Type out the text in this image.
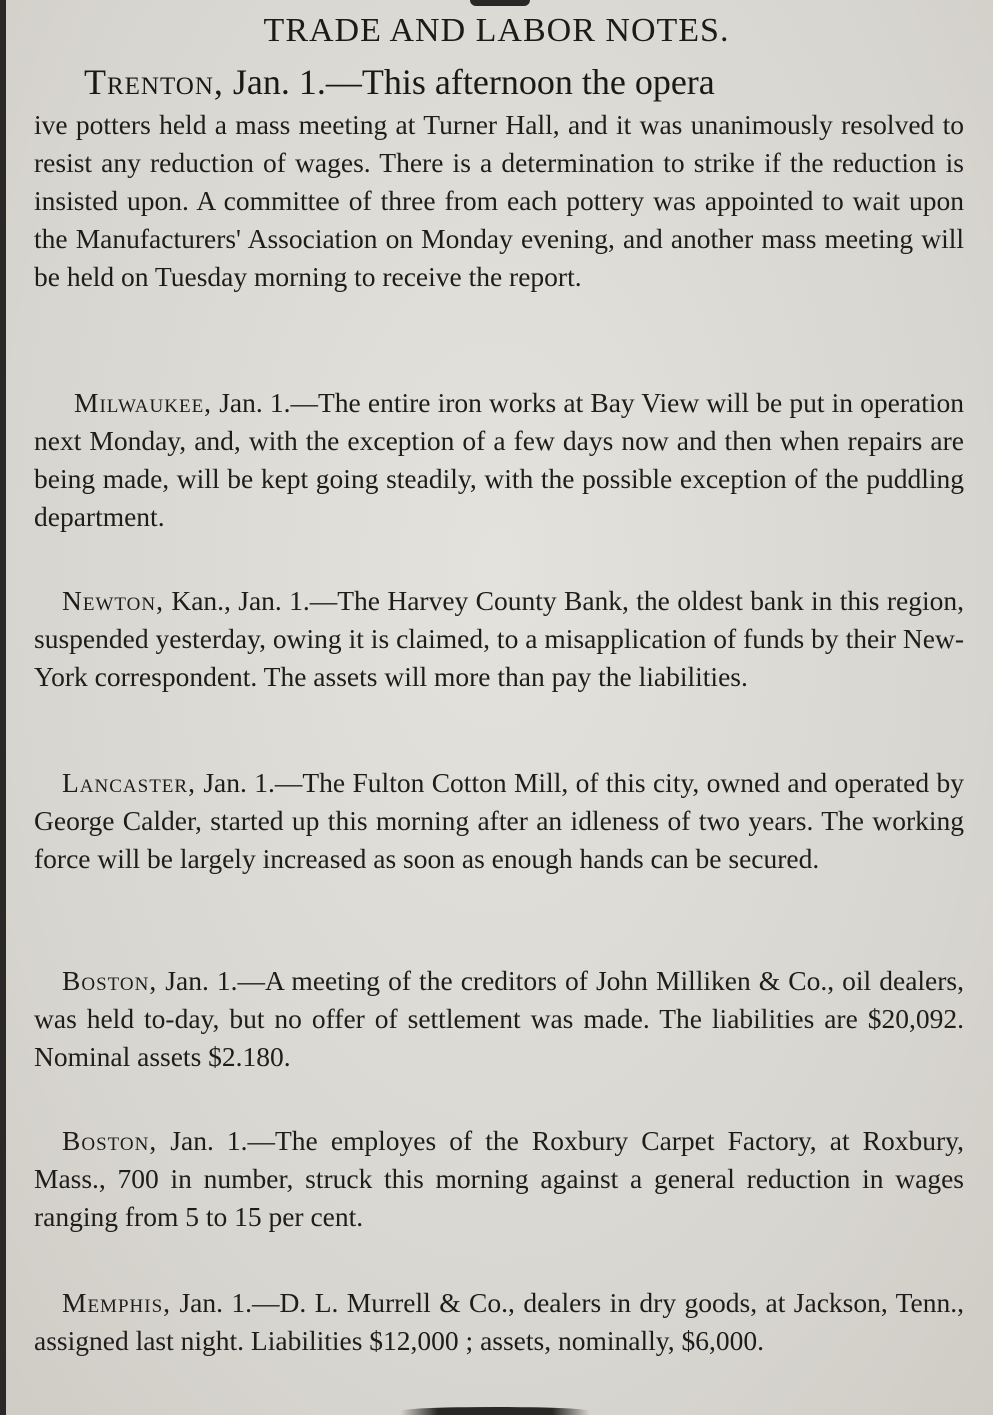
TRADE AND LABOR NOTES.
Trenton, Jan. 1.—This afternoon the opera

ive potters held a mass meeting at Turner Hall, and it was unanimously resolved to resist any reduction of wages. There is a determination to strike if the reduction is insisted upon. A committee of three from each pottery was appointed to wait upon the Manufacturers' Association on Monday evening, and another mass meeting will be held on Tuesday morning to receive the report.

Milwaukee, Jan. 1.—The entire iron works at Bay View will be put in operation next Monday, and, with the exception of a few days now and then when repairs are being made, will be kept going steadily, with the possible exception of the puddling department.

Newton, Kan., Jan. 1.—The Harvey County Bank, the oldest bank in this region, suspended yesterday, owing it is claimed, to a misapplication of funds by their New-York correspondent. The assets will more than pay the liabilities.

Lancaster, Jan. 1.—The Fulton Cotton Mill, of this city, owned and operated by George Calder, started up this morning after an idleness of two years. The working force will be largely increased as soon as enough hands can be secured.

Boston, Jan. 1.—A meeting of the creditors of John Milliken & Co., oil dealers, was held to-day, but no offer of settlement was made. The liabilities are $20,092. Nominal assets $2.180.

Boston, Jan. 1.—The employes of the Roxbury Carpet Factory, at Roxbury, Mass., 700 in number, struck this morning against a general reduction in wages ranging from 5 to 15 per cent.

Memphis, Jan. 1.—D. L. Murrell & Co., dealers in dry goods, at Jackson, Tenn., assigned last night. Liabilities $12,000 ; assets, nominally, $6,000.
